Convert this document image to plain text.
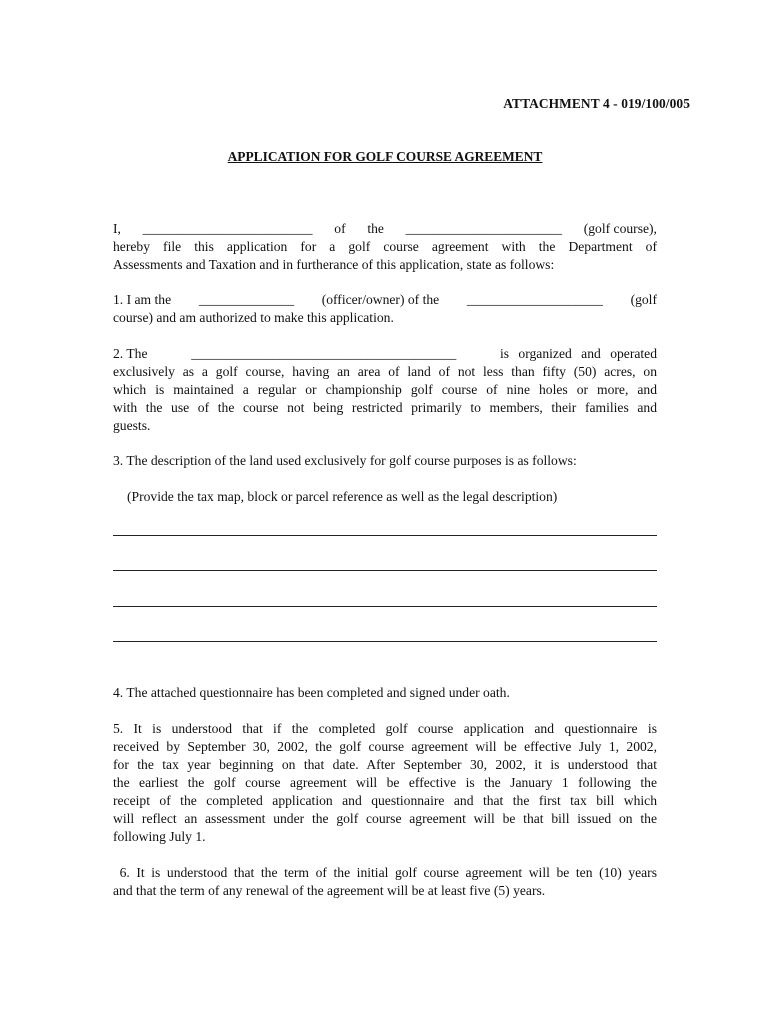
ATTACHMENT 4 - 019/100/005
APPLICATION FOR GOLF COURSE AGREEMENT
I, _________________________ of the _______________________ (golf course),
hereby file this application for a golf course agreement with the Department of
Assessments and Taxation and in furtherance of this application, state as follows:
1. I am the ______________ (officer/owner) of the ____________________ (golf
course) and am authorized to make this application.
2. The	_______________________________________	is organized and operated
exclusively as a golf course, having an area of land of not less than fifty (50) acres, on
which is maintained a regular or championship golf course of nine holes or more, and
with the use of the course not being restricted primarily to members, their families and
guests.
3. The description of the land used exclusively for golf course purposes is as follows:
(Provide the tax map, block or parcel reference as well as the legal description)
4. The attached questionnaire has been completed and signed under oath.
5. It is understood that if the completed golf course application and questionnaire is
received by September 30, 2002, the golf course agreement will be effective July 1, 2002,
for the tax year beginning on that date. After September 30, 2002, it is understood that
the earliest the golf course agreement will be effective is the January 1 following the
receipt of the completed application and questionnaire and that the first tax bill which
will reflect an assessment under the golf course agreement will be that bill issued on the
following July 1.
6. It is understood that the term of the initial golf course agreement will be ten (10) years
and that the term of any renewal of the agreement will be at least five (5) years.
